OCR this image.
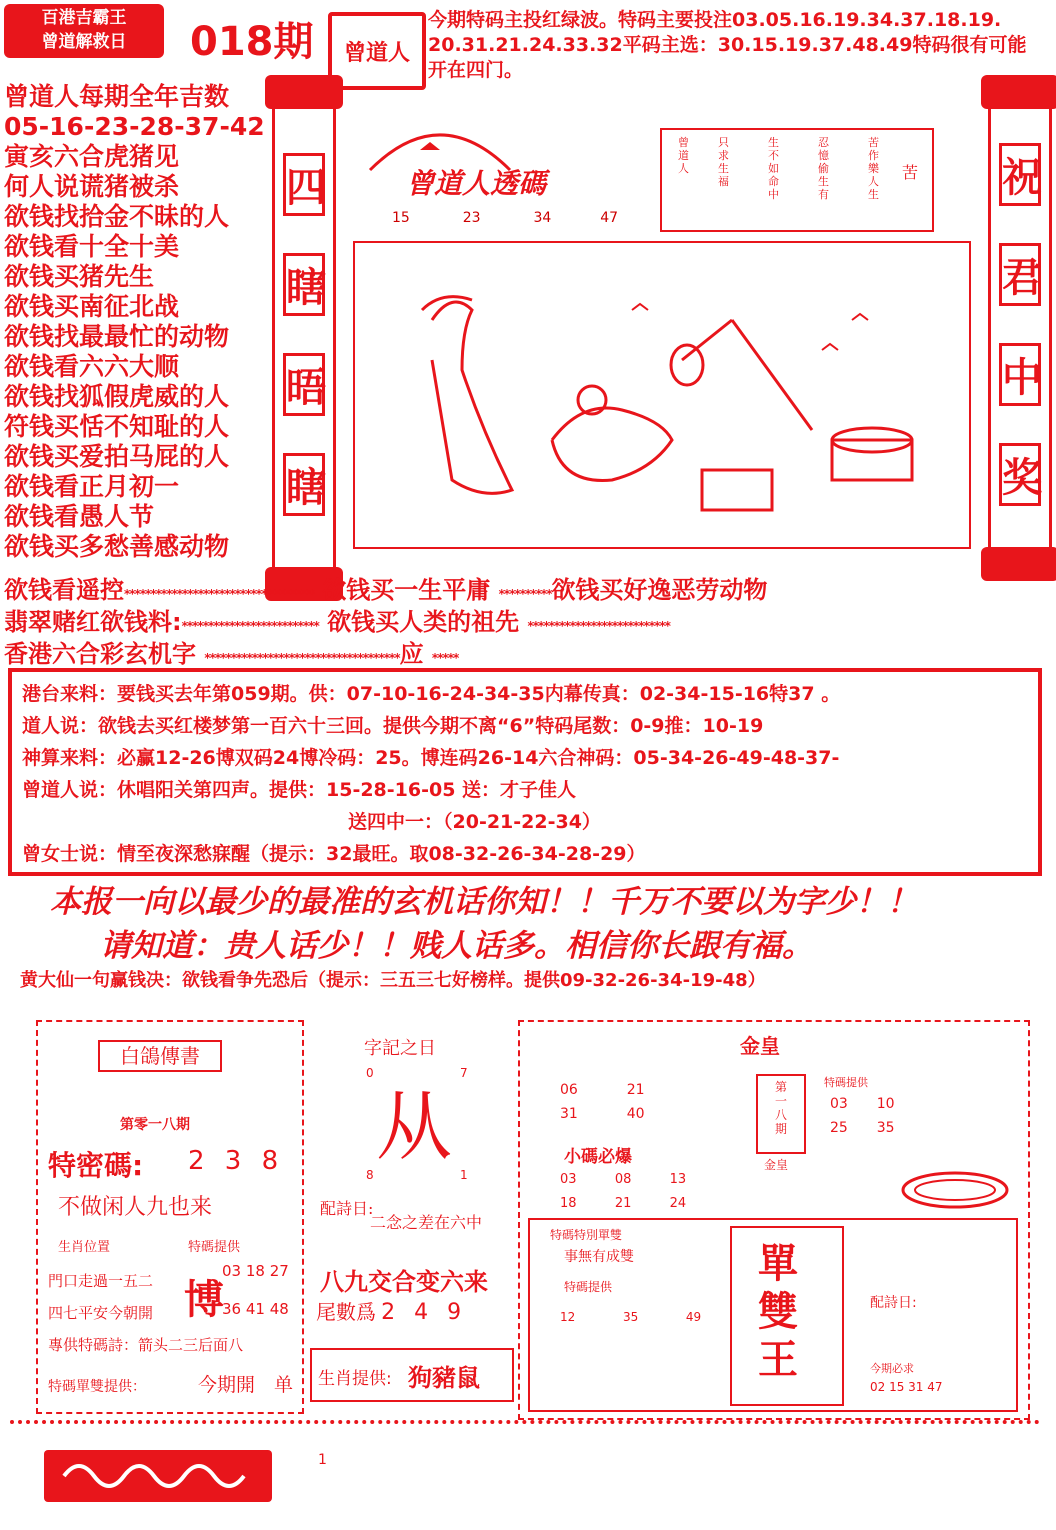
百港吉霸王
曾道解救日	018期	曾道人
今期特码主投红绿波。特码主要投注03.05.16.19.34.37.18.19.
20.31.21.24.33.32平码主选：30.15.19.37.48.49特码很有可能
开在四门。
曾道人每期全年吉数
05-16-23-28-37-42
寅亥六合虎猪见
何人说谎猪被杀
欲钱找拾金不昧的人
欲钱看十全十美
欲钱买猪先生
欲钱买南征北战
欲钱找最最忙的动物
欲钱看六六大顺
欲钱找狐假虎威的人
符钱买恬不知耻的人
欲钱买爱拍马屁的人
欲钱看正月初一
欲钱看愚人节
欲钱买多愁善感动物
四
瞎
晤
瞎
祝
君
中
奖
曾道人透碼
15	23	34	47
苦
苦作樂人生
忍憶偷生有
生不如命中
只求生福
曾道人
欲钱看遥控************************************ 欲钱买一生平庸 **********欲钱买好逸恶劳动物
翡翠赌红欲钱料:************************** 欲钱买人类的祖先 ***************************
香港六合彩玄机字 *************************************应 *****
港台来料：要钱买去年第059期。供：07-10-16-24-34-35内幕传真：02-34-15-16特37 。
道人说：欲钱去买红楼梦第一百六十三回。提供今期不离“6”特码尾数：0-9推：10-19
神算来料：必赢12-26博双码24博冷码：25。博连码26-14六合神码：05-34-26-49-48-37-
曾道人说：休唱阳关第四声。提供：15-28-16-05 送：才子佳人
送四中一：（20-21-22-34）
曾女士说：情至夜深愁寐醒（提示：32最旺。取08-32-26-34-28-29）
本报一向以最少的最准的玄机话你知！！千万不要以为字少！！
请知道：贵人话少！！贱人话多。相信你长跟有福。
黄大仙一句赢钱决：欲钱看争先恐后（提示：三五三七好榜样。提供09-32-26-34-19-48）
白鴿傳書
第零一八期
特密碼: 2 3 8
不做闲人九也来
生肖位置
門口走過一五二
特碼提供
博
03 18 27
36 41 48
四七平安今朝開
專供特碼詩：箭头二三后面八
特碼單雙提供：	今期開　单
字記之日
0	7
从
8	1
配詩日:
二念之差在六中
八九交合变六来
尾數爲 2 4 9
生肖提供: 狗豬鼠
金皇
06	21
31	40
第一八期
金皇
特碼提供
03 10
25 35
小碼必爆
03	08	13
18	21	24
特碼特別單雙
事無有成雙
特碼提供
12	35	49
單
雙
王
配詩日:
今期必求
02 15 31 47
1
